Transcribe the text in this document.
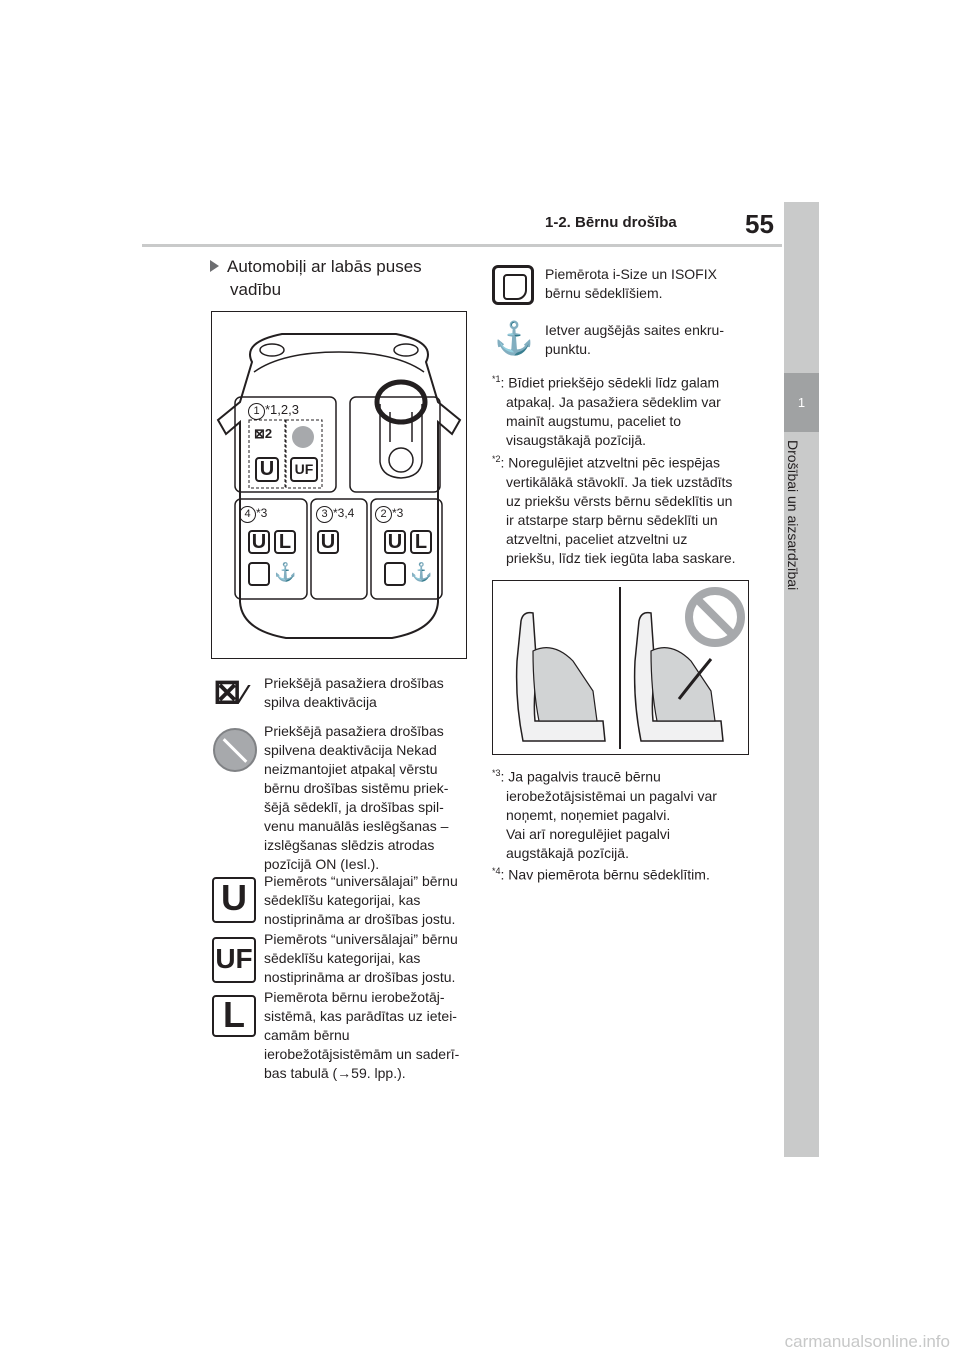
1-2. Bērnu drošība	55
1
Drošībai un aizsardzībai
Automobiļi ar labās puses
vadību
1 *1,2,3
2 *3
3 *3,4
4 *3
⊠2
U	UF
U L U	U L
⚓	⚓
⊠⁄ Priekšējā pasažiera drošības
spilva deaktivācija
Priekšējā pasažiera drošības
spilvena deaktivācija Nekad
neizmantojiet atpakaļ vērstu
bērnu drošības sistēmu priek-
šējā sēdeklī, ja drošības spil-
venu manuālās ieslēgšanas –
izslēgšanas slēdzis atrodas
pozīcijā ON (Iesl.).
U	Piemērots “universālajai” bērnu
sēdeklīšu kategorijai, kas
nostiprināma ar drošības jostu.
UF
Piemērots “universālajai” bērnu
sēdeklīšu kategorijai, kas
nostiprināma ar drošības jostu.
L	Piemērota bērnu ierobežotāj-
sistēmā, kas parādītas uz ietei-
camām bērnu
ierobežotājsistēmām un saderī-
bas tabulā (→59. lpp.).
Piemērota i-Size un ISOFIX
bērnu sēdeklīšiem.
⚓ Ietver augšējās saites enkru-
punktu.
$^{*1}$: Bīdiet priekšējo sēdekli līdz galam
atpakaļ. Ja pasažiera sēdeklim var
mainīt augstumu, paceliet to
visaugstākajā pozīcijā.
$^{*2}$: Noregulējiet atzveltni pēc iespējas
vertikālākā stāvoklī. Ja tiek uzstādīts
uz priekšu vērsts bērnu sēdeklītis un
ir atstarpe starp bērnu sēdeklīti un
atzveltni, paceliet atzveltni uz
priekšu, līdz tiek iegūta laba saskare.
$^{*3}$: Ja pagalvis traucē bērnu
ierobežotājsistēmai un pagalvi var
noņemt, noņemiet pagalvi.
Vai arī noregulējiet pagalvi
augstākajā pozīcijā.
$^{*4}$: Nav piemērota bērnu sēdeklītim.
carmanualsonline.info
